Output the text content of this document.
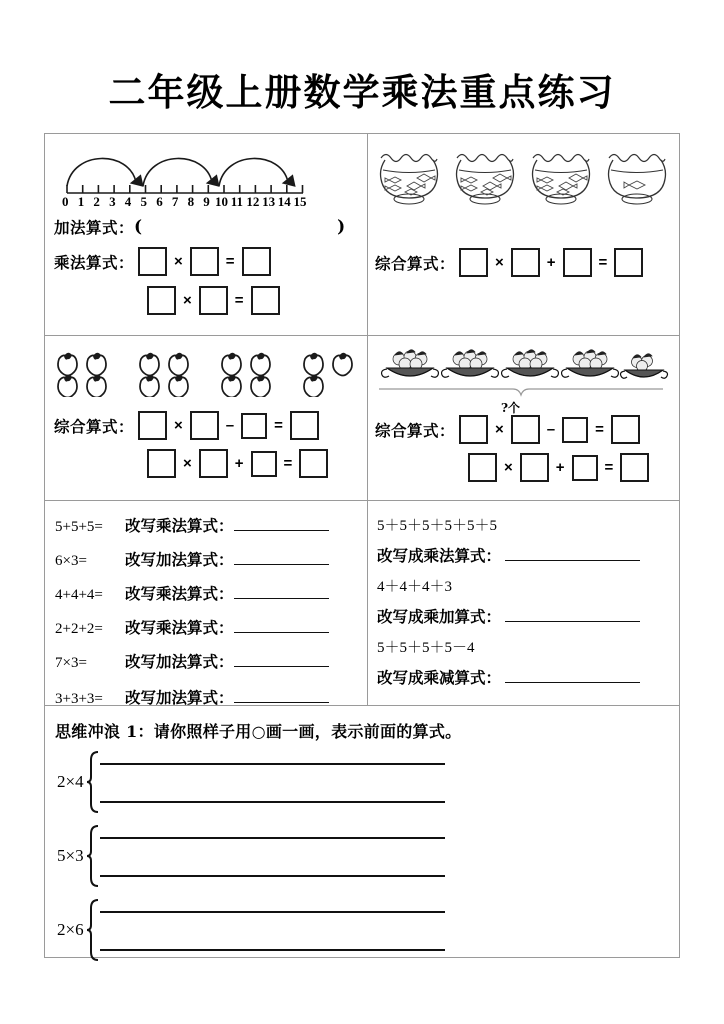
二年级上册数学乘法重点练习
0 1 2 3 4 5 6 7 8 9 10 11 12 13 14 15
加法算式： (	)
乘法算式：	×	=
×	=
综合算式：	×	+	=
综合算式：	×	–	=
×	+	=
?个
综合算式：	×	–	=
×	+	=
5+5+5=	改写乘法算式：
6×3=	改写加法算式：
4+4+4=	改写乘法算式：
2+2+2=	改写乘法算式：
7×3=	改写加法算式：
3+3+3=	改写加法算式：
5＋5＋5＋5＋5＋5
改写成乘法算式：
4＋4＋4＋3
改写成乘加算式：
5＋5＋5＋5－4
改写成乘减算式：
思维冲浪 1：请你照样子用○画一画，表示前面的算式。
2×4
5×3
2×6
